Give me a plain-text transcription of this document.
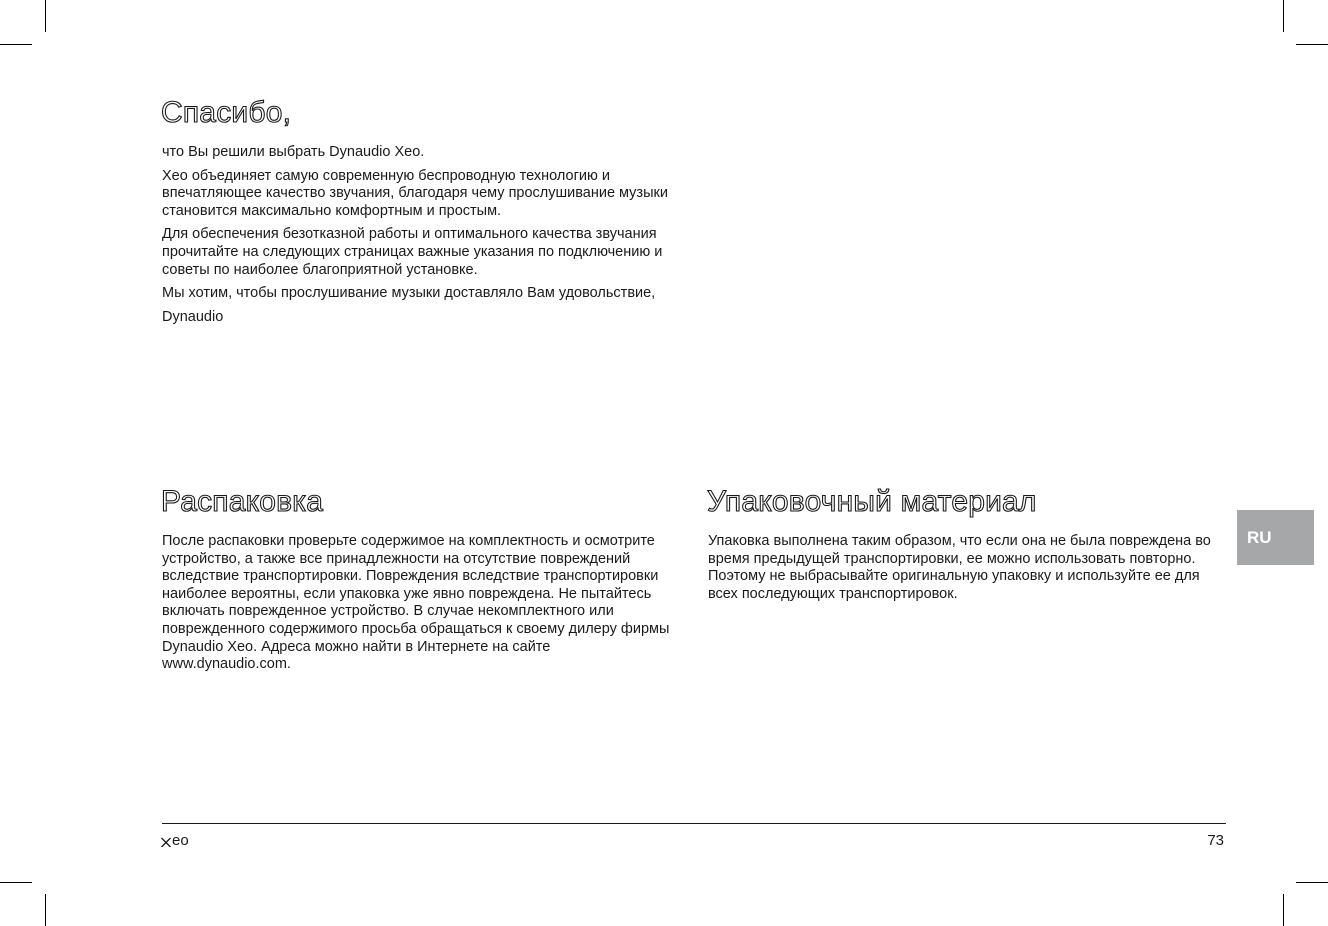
Спасибо,

что Вы решили выбрать Dynaudio Xeo.

Xeo объединяет самую современную беспроводную технологию и впечатляющее качество звучания, благодаря чему прослушивание музыки становится максимально комфортным и простым.

Для обеспечения безотказной работы и оптимального качества звучания прочитайте на следующих страницах важные указания по подключению и советы по наиболее благоприятной установке.

Мы хотим, чтобы прослушивание музыки доставляло Вам удовольствие,

Dynaudio

Распаковка

После распаковки проверьте содержимое на комплектность и осмотрите устройство, а также все принадлежности на отсутствие повреждений вследствие транспортировки. Повреждения вследствие транспортировки наиболее вероятны, если упаковка уже явно повреждена. Не пытайтесь включать поврежденное устройство. В случае некомплектного или поврежденного содержимого просьба обращаться к своему дилеру фирмы Dynaudio Xeo. Адреса можно найти в Интернете на сайте www.dynaudio.com.

Упаковочный материал

Упаковка выполнена таким образом, что если она не была повреждена во время предыдущей транспортировки, ее можно использовать повторно. Поэтому не выбрасывайте оригинальную упаковку и используйте ее для всех последующих транспортировок.

RU
eo	73
